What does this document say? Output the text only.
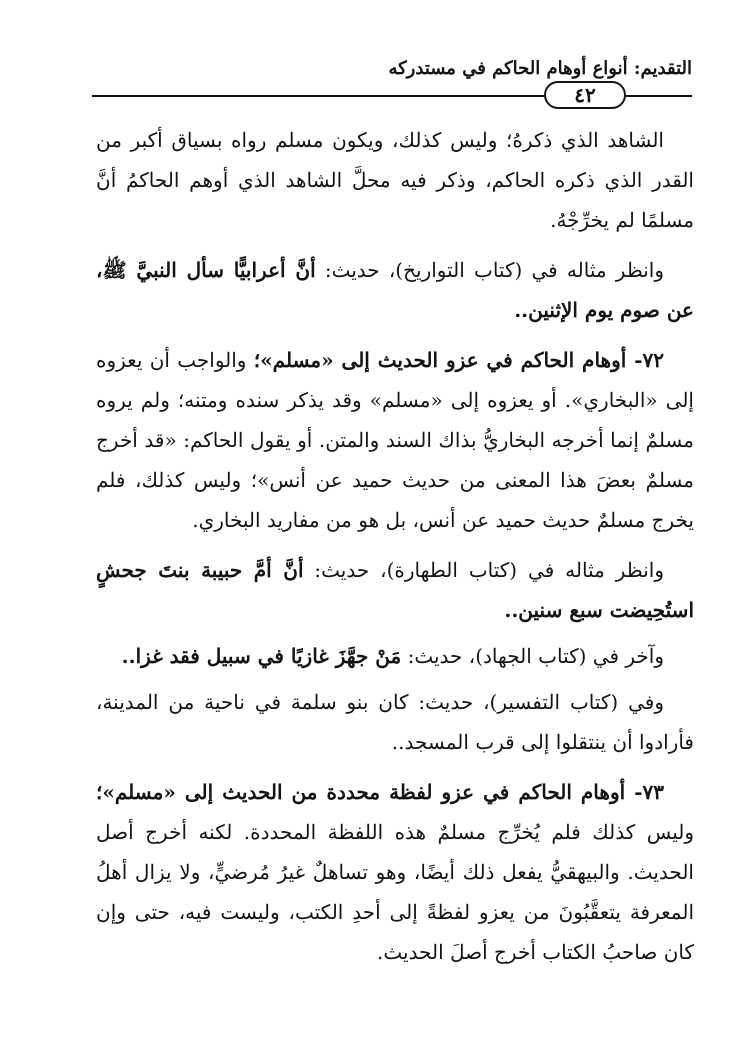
التقديم: أنواع أوهام الحاكم في مستدركه
٤٢

الشاهد الذي ذكرهُ؛ وليس كذلك، ويكون مسلم رواه بسياق أكبر من القدر الذي ذكره الحاكم، وذكر فيه محلَّ الشاهد الذي أوهم الحاكمُ أنَّ مسلمًا لم يخرِّجْهُ.

وانظر مثاله في (كتاب التواريخ)، حديث: أنَّ أعرابيًّا سأل النبيَّ ﷺ، عن صوم يوم الإثنين..

٧٢- أوهام الحاكم في عزو الحديث إلى «مسلم»؛ والواجب أن يعزوه إلى «البخاري». أو يعزوه إلى «مسلم» وقد يذكر سنده ومتنه؛ ولم يروه مسلمٌ إنما أخرجه البخاريُّ بذاك السند والمتن. أو يقول الحاكم: «قد أخرج مسلمٌ بعضَ هذا المعنى من حديث حميد عن أنس»؛ وليس كذلك، فلم يخرج مسلمٌ حديث حميد عن أنس، بل هو من مفاريد البخاري.

وانظر مثاله في (كتاب الطهارة)، حديث: أنَّ أمَّ حبيبة بنتَ جحشٍ استُحِيضت سبع سنين..

وآخر في (كتاب الجهاد)، حديث: مَنْ جهَّزَ غازيًا في سبيل فقد غزا..

وفي (كتاب التفسير)، حديث: كان بنو سلمة في ناحية من المدينة، فأرادوا أن ينتقلوا إلى قرب المسجد..

٧٣- أوهام الحاكم في عزو لفظة محددة من الحديث إلى «مسلم»؛ وليس كذلك فلم يُخرِّج مسلمٌ هذه اللفظة المحددة. لكنه أخرج أصل الحديث. والبيهقيُّ يفعل ذلك أيضًا، وهو تساهلٌ غيرُ مُرضيٍّ، ولا يزال أهلُ المعرفة يتعقَّبُونَ من يعزو لفظةً إلى أحدِ الكتب، وليست فيه، حتى وإن كان صاحبُ الكتاب أخرج أصلَ الحديث.
